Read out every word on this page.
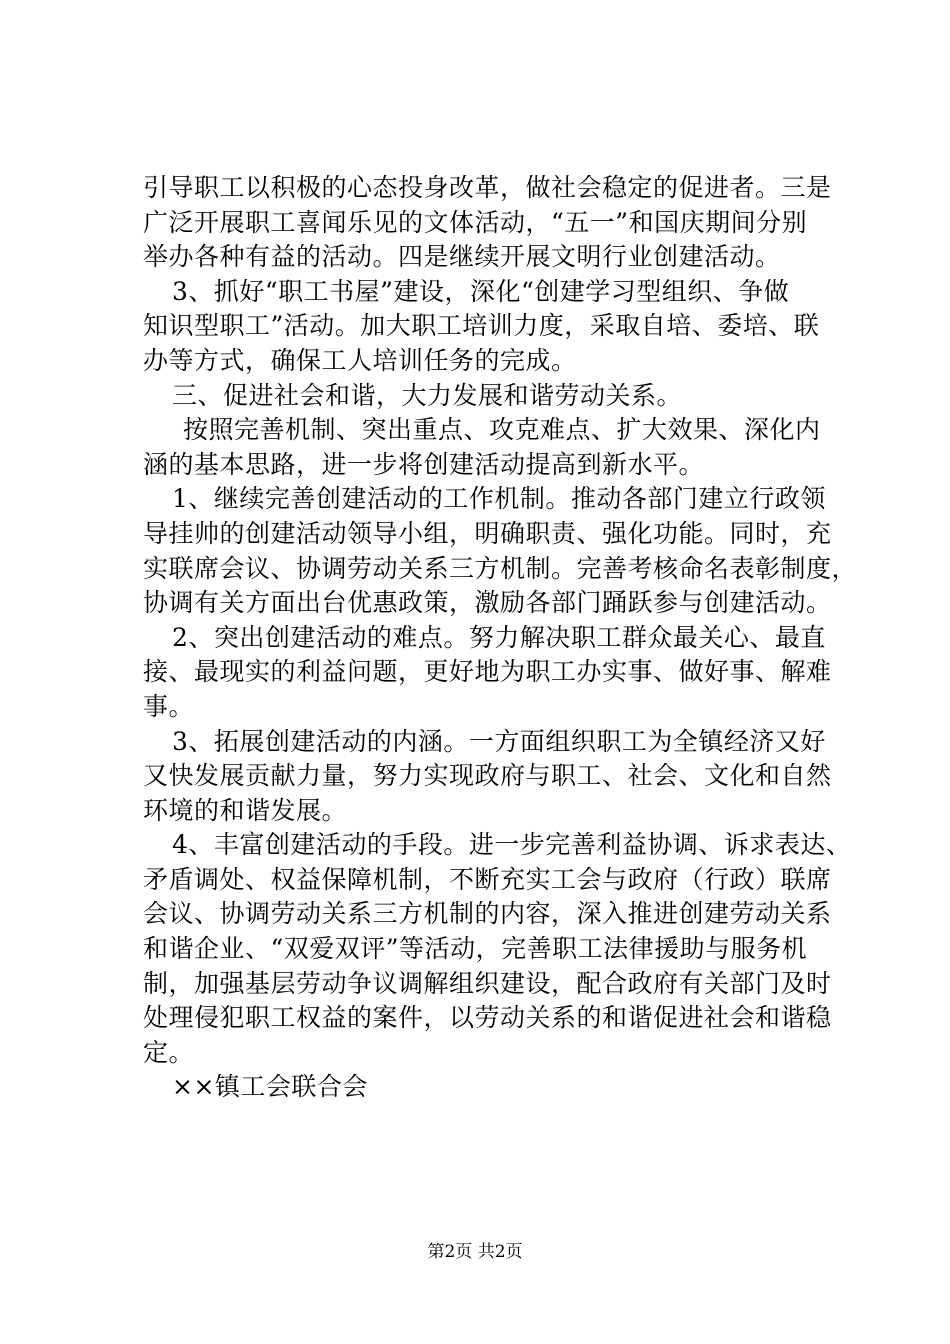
引导职工以积极的心态投身改革，做社会稳定的促进者。三是
广泛开展职工喜闻乐见的文体活动，“五一”和国庆期间分别
举办各种有益的活动。四是继续开展文明行业创建活动。
3、抓好“职工书屋”建设，深化“创建学习型组织、争做
知识型职工”活动。加大职工培训力度，采取自培、委培、联
办等方式，确保工人培训任务的完成。
三、促进社会和谐，大力发展和谐劳动关系。
按照完善机制、突出重点、攻克难点、扩大效果、深化内
涵的基本思路，进一步将创建活动提高到新水平。
1、继续完善创建活动的工作机制。推动各部门建立行政领
导挂帅的创建活动领导小组，明确职责、强化功能。同时，充
实联席会议、协调劳动关系三方机制。完善考核命名表彰制度，
协调有关方面出台优惠政策，激励各部门踊跃参与创建活动。
2、突出创建活动的难点。努力解决职工群众最关心、最直
接、最现实的利益问题，更好地为职工办实事、做好事、解难
事。
3、拓展创建活动的内涵。一方面组织职工为全镇经济又好
又快发展贡献力量，努力实现政府与职工、社会、文化和自然
环境的和谐发展。
4、丰富创建活动的手段。进一步完善利益协调、诉求表达、
矛盾调处、权益保障机制，不断充实工会与政府（行政）联席
会议、协调劳动关系三方机制的内容，深入推进创建劳动关系
和谐企业、“双爱双评”等活动，完善职工法律援助与服务机
制，加强基层劳动争议调解组织建设，配合政府有关部门及时
处理侵犯职工权益的案件，以劳动关系的和谐促进社会和谐稳
定。
××镇工会联合会
第2页 共2页
